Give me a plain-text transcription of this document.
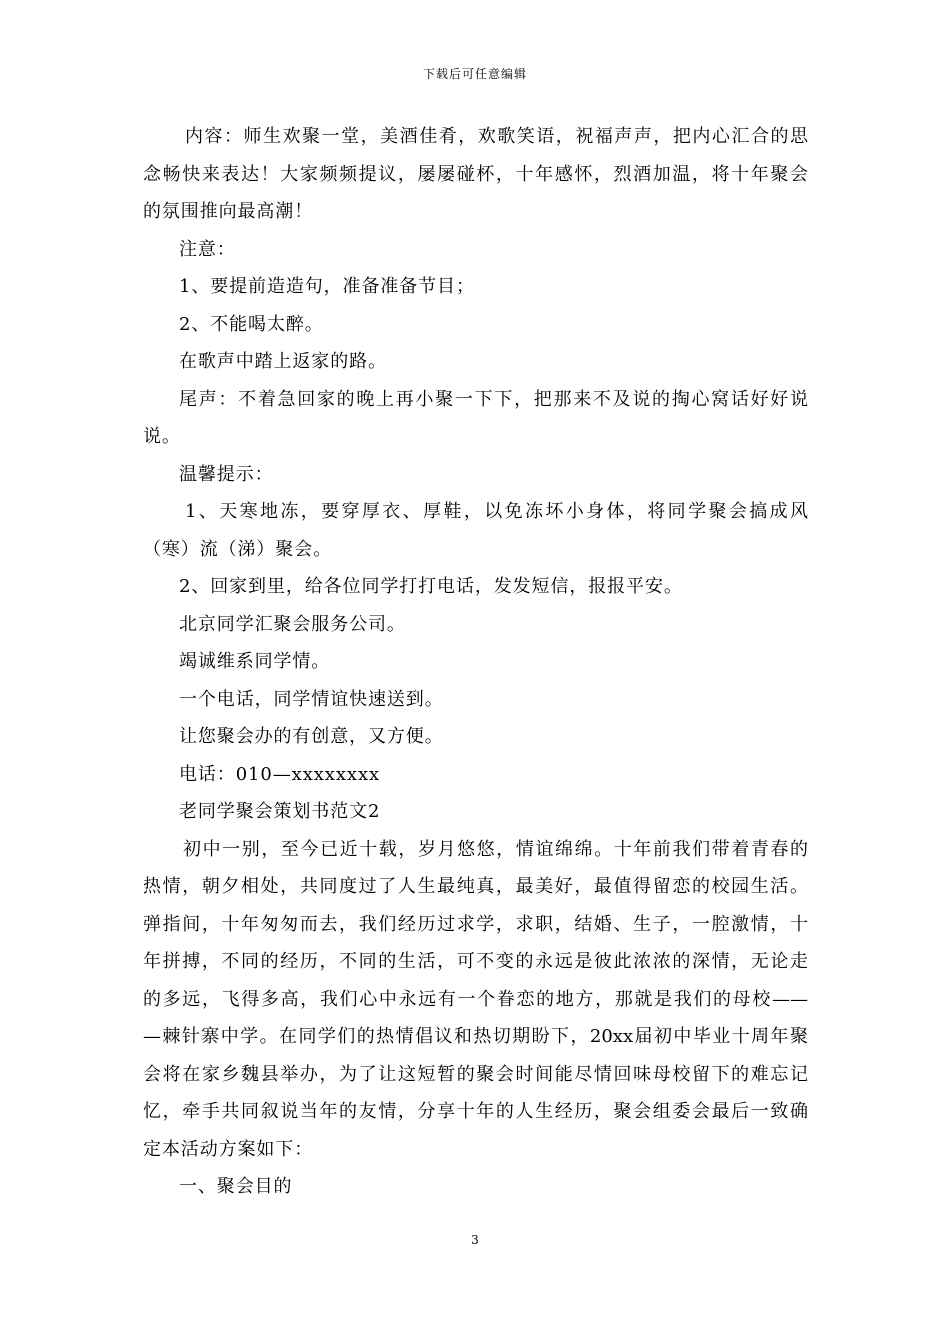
下载后可任意编辑
内容：师生欢聚一堂，美酒佳肴，欢歌笑语，祝福声声，把内心汇合的思
念畅快来表达！大家频频提议，屡屡碰杯，十年感怀，烈酒加温，将十年聚会
的氛围推向最高潮！
注意：
1、要提前造造句，准备准备节目；
2、不能喝太醉。
在歌声中踏上返家的路。
尾声：不着急回家的晚上再小聚一下下，把那来不及说的掏心窝话好好说
说。
温馨提示：
1、天寒地冻，要穿厚衣、厚鞋，以免冻坏小身体，将同学聚会搞成风
（寒）流（涕）聚会。
2、回家到里，给各位同学打打电话，发发短信，报报平安。
北京同学汇聚会服务公司。
竭诚维系同学情。
一个电话，同学情谊快速送到。
让您聚会办的有创意，又方便。
电话：010—xxxxxxxx
老同学聚会策划书范文2
初中一别，至今已近十载，岁月悠悠，情谊绵绵。十年前我们带着青春的
热情，朝夕相处，共同度过了人生最纯真，最美好，最值得留恋的校园生活。
弹指间，十年匆匆而去，我们经历过求学，求职，结婚、生子，一腔激情，十
年拼搏，不同的经历，不同的生活，可不变的永远是彼此浓浓的深情，无论走
的多远，飞得多高，我们心中永远有一个眷恋的地方，那就是我们的母校——
—棘针寨中学。在同学们的热情倡议和热切期盼下，20xx届初中毕业十周年聚
会将在家乡魏县举办，为了让这短暂的聚会时间能尽情回味母校留下的难忘记
忆，牵手共同叙说当年的友情，分享十年的人生经历，聚会组委会最后一致确
定本活动方案如下：
一、聚会目的
3
